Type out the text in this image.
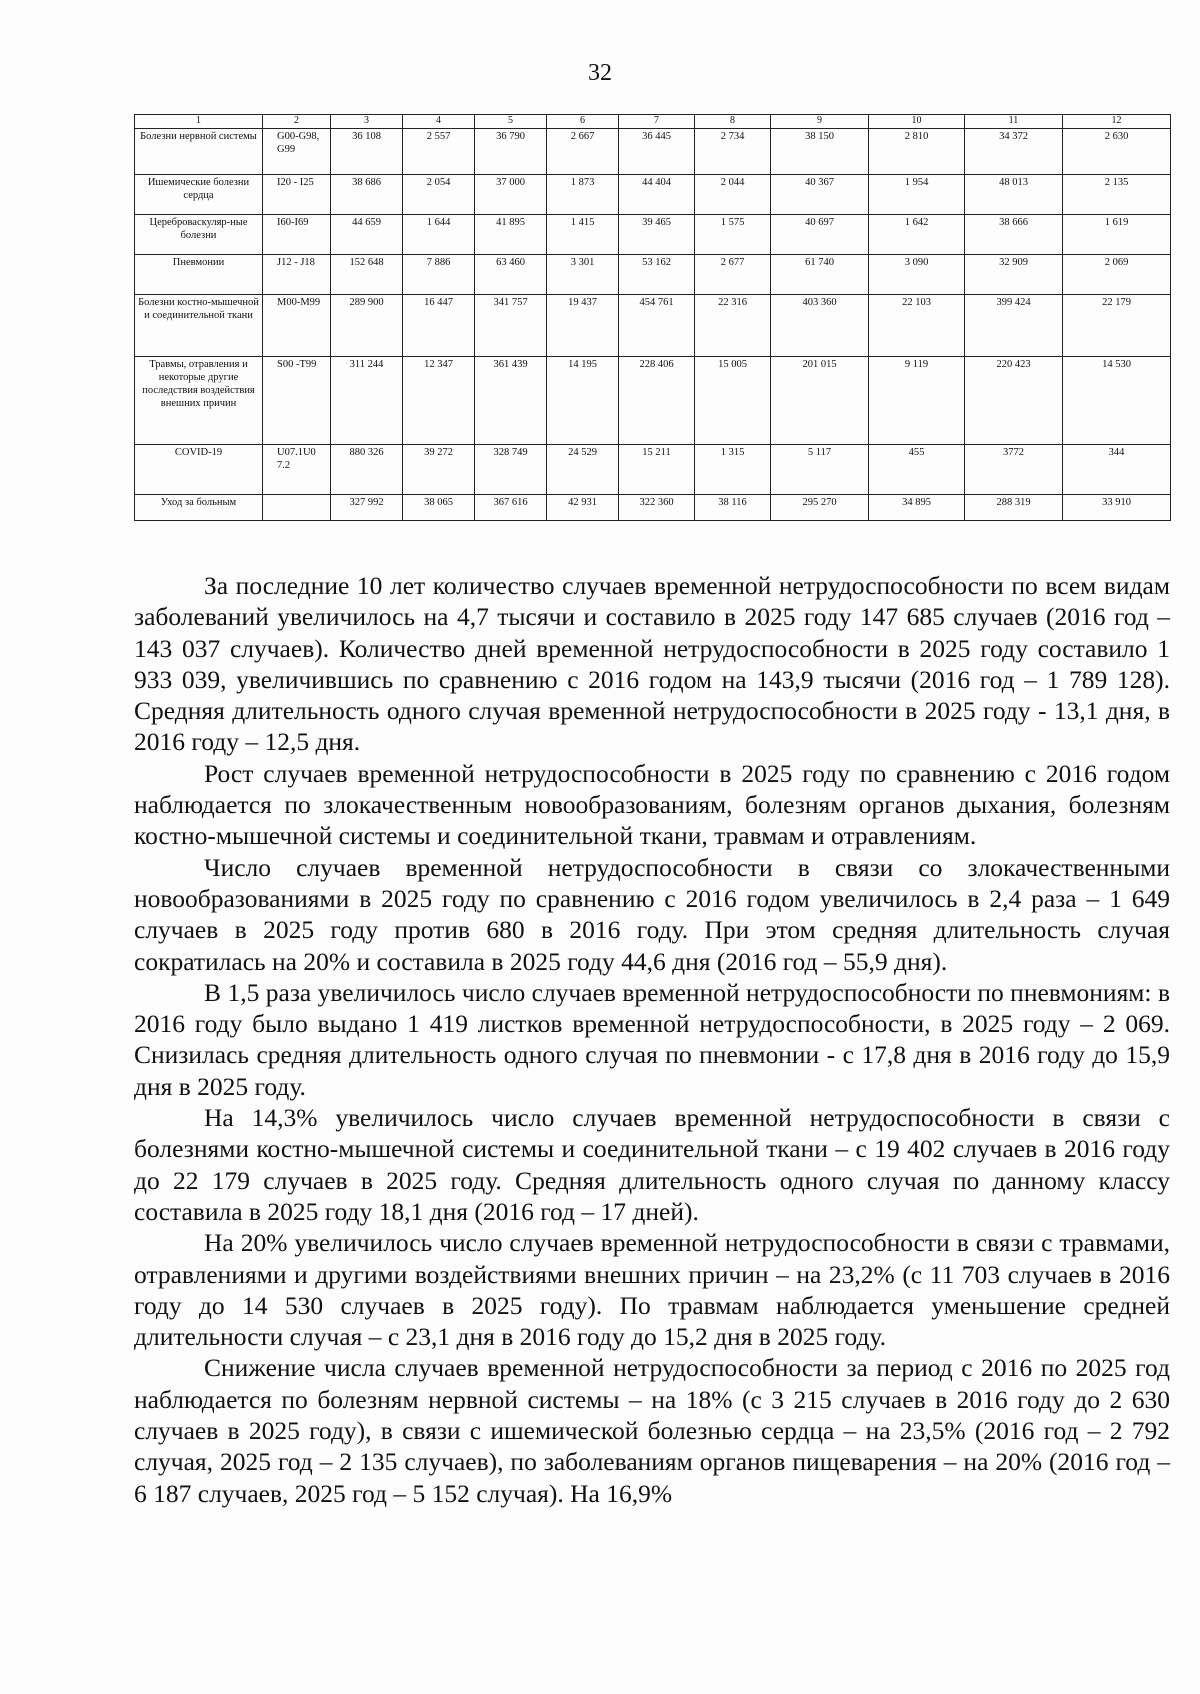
32
1	2	3	4	5	6	7	8	9	10	11	12
Болезни нервной системы	G00-G98, G99	36 108	2 557	36 790	2 667	36 445	2 734	38 150	2 810	34 372	2 630
Ишемические болезни сердца	I20 - I25	38 686	2 054	37 000	1 873	44 404	2 044	40 367	1 954	48 013	2 135
Цереброваскуляр-ные болезни	I60-I69	44 659	1 644	41 895	1 415	39 465	1 575	40 697	1 642	38 666	1 619
Пневмонии	J12 - J18	152 648	7 886	63 460	3 301	53 162	2 677	61 740	3 090	32 909	2 069
Болезни костно-мышечной и соединительной ткани	M00-M99	289 900	16 447	341 757	19 437	454 761	22 316	403 360	22 103	399 424	22 179
Травмы, отравления и некоторые другие последствия воздействия внешних причин	S00 -T99	311 244	12 347	361 439	14 195	228 406	15 005	201 015	9 119	220 423	14 530
COVID-19	U07.1U0 7.2	880 326	39 272	328 749	24 529	15 211	1 315	5 117	455	3772	344
Уход за больным		327 992	38 065	367 616	42 931	322 360	38 116	295 270	34 895	288 319	33 910

За последние 10 лет количество случаев временной нетрудоспособности по всем видам заболеваний увеличилось на 4,7 тысячи и составило в 2025 году 147 685 случаев (2016 год – 143 037 случаев). Количество дней временной нетрудоспособности в 2025 году составило 1 933 039, увеличившись по сравнению с 2016 годом на 143,9 тысячи (2016 год – 1 789 128). Средняя длительность одного случая временной нетрудоспособности в 2025 году - 13,1 дня, в 2016 году – 12,5 дня.

Рост случаев временной нетрудоспособности в 2025 году по сравнению с 2016 годом наблюдается по злокачественным новообразованиям, болезням органов дыхания, болезням костно-мышечной системы и соединительной ткани, травмам и отравлениям.

Число случаев временной нетрудоспособности в связи со злокачественными новообразованиями в 2025 году по сравнению с 2016 годом увеличилось в 2,4 раза – 1 649 случаев в 2025 году против 680 в 2016 году. При этом средняя длительность случая сократилась на 20% и составила в 2025 году 44,6 дня (2016 год – 55,9 дня).

В 1,5 раза увеличилось число случаев временной нетрудоспособности по пневмониям: в 2016 году было выдано 1 419 листков временной нетрудоспособности, в 2025 году – 2 069. Снизилась средняя длительность одного случая по пневмонии - с 17,8 дня в 2016 году до 15,9 дня в 2025 году.

На 14,3% увеличилось число случаев временной нетрудоспособности в связи с болезнями костно-мышечной системы и соединительной ткани – с 19 402 случаев в 2016 году до 22 179 случаев в 2025 году. Средняя длительность одного случая по данному классу составила в 2025 году 18,1 дня (2016 год – 17 дней).

На 20% увеличилось число случаев временной нетрудоспособности в связи с травмами, отравлениями и другими воздействиями внешних причин – на 23,2% (с 11 703 случаев в 2016 году до 14 530 случаев в 2025 году). По травмам наблюдается уменьшение средней длительности случая – с 23,1 дня в 2016 году до 15,2 дня в 2025 году.

Снижение числа случаев временной нетрудоспособности за период с 2016 по 2025 год наблюдается по болезням нервной системы – на 18% (с 3 215 случаев в 2016 году до 2 630 случаев в 2025 году), в связи с ишемической болезнью сердца – на 23,5% (2016 год – 2 792 случая, 2025 год – 2 135 случаев), по заболеваниям органов пищеварения – на 20% (2016 год – 6 187 случаев, 2025 год – 5 152 случая). На 16,9%
